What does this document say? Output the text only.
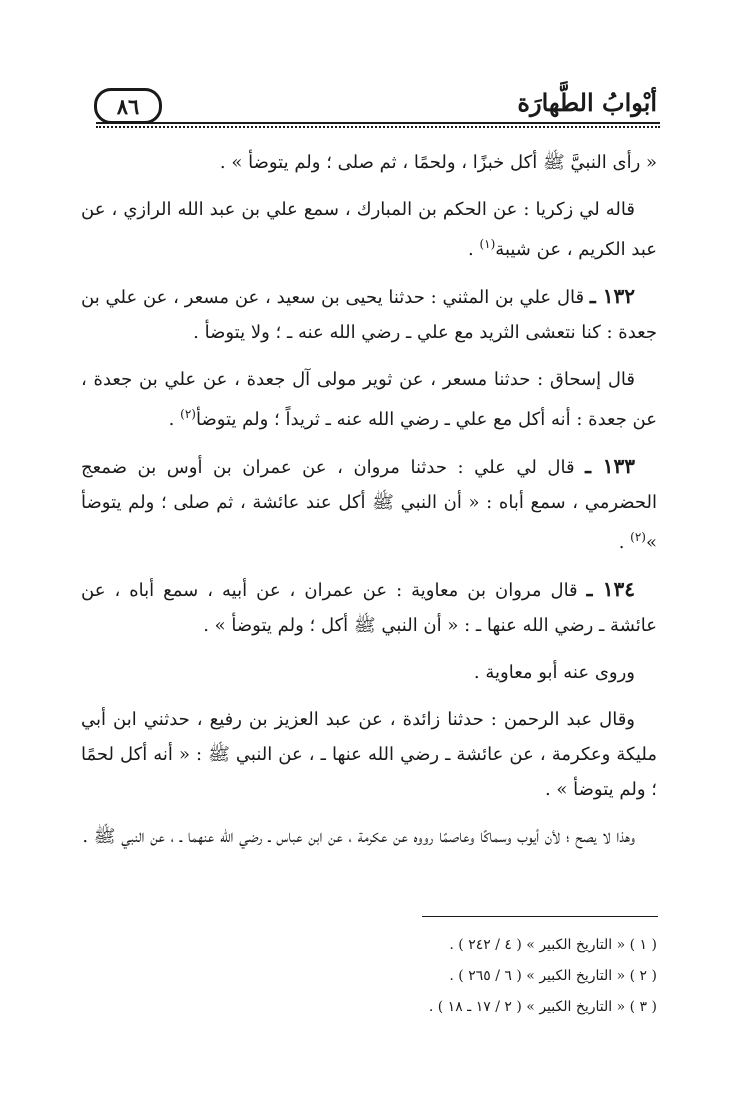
أبْوابُ الطَّهارَة
٨٦

« رأى النبيَّ ﷺ أكل خبزًا ، ولحمًا ، ثم صلى ؛ ولم يتوضأ » .

قاله لي زكريا : عن الحكم بن المبارك ، سمع علي بن عبد الله الرازي ، عن عبد الكريم ، عن شيبة$^{(١)}$ .

١٣٢ ـ قال علي بن المثني : حدثنا يحيى بن سعيد ، عن مسعر ، عن علي بن جعدة : كنا نتعشى الثريد مع علي ـ رضي الله عنه ـ ؛ ولا يتوضأ .

قال إسحاق : حدثنا مسعر ، عن ثوير مولى آل جعدة ، عن علي بن جعدة ، عن جعدة : أنه أكل مع علي ـ رضي الله عنه ـ ثريداً ؛ ولم يتوضأ$^{(٢)}$ .

١٣٣ ـ قال لي علي : حدثنا مروان ، عن عمران بن أوس بن ضمعج الحضرمي ، سمع أباه : « أن النبي ﷺ أكل عند عائشة ، ثم صلى ؛ ولم يتوضأ »$^{(٢)}$ .

١٣٤ ـ قال مروان بن معاوية : عن عمران ، عن أبيه ، سمع أباه ، عن عائشة ـ رضي الله عنها ـ : « أن النبي ﷺ أكل ؛ ولم يتوضأ » .

وروى عنه أبو معاوية .

وقال عبد الرحمن : حدثنا زائدة ، عن عبد العزيز بن رفيع ، حدثني ابن أبي مليكة وعكرمة ، عن عائشة ـ رضي الله عنها ـ ، عن النبي ﷺ : « أنه أكل لحمًا ؛ ولم يتوضأ » .

وهذا لا يصح ؛ لأن أيوب وسماكًا وعاصمًا رووه عن عكرمة ، عن ابن عباس ـ رضي الله عنهما ـ ، عن النبي ﷺ .

( ١ ) « التاريخ الكبير » ( ٤ / ٢٤٢ ) .
( ٢ ) « التاريخ الكبير » ( ٦ / ٢٦٥ ) .
( ٣ ) « التاريخ الكبير » ( ٢ / ١٧ ـ ١٨ ) .
